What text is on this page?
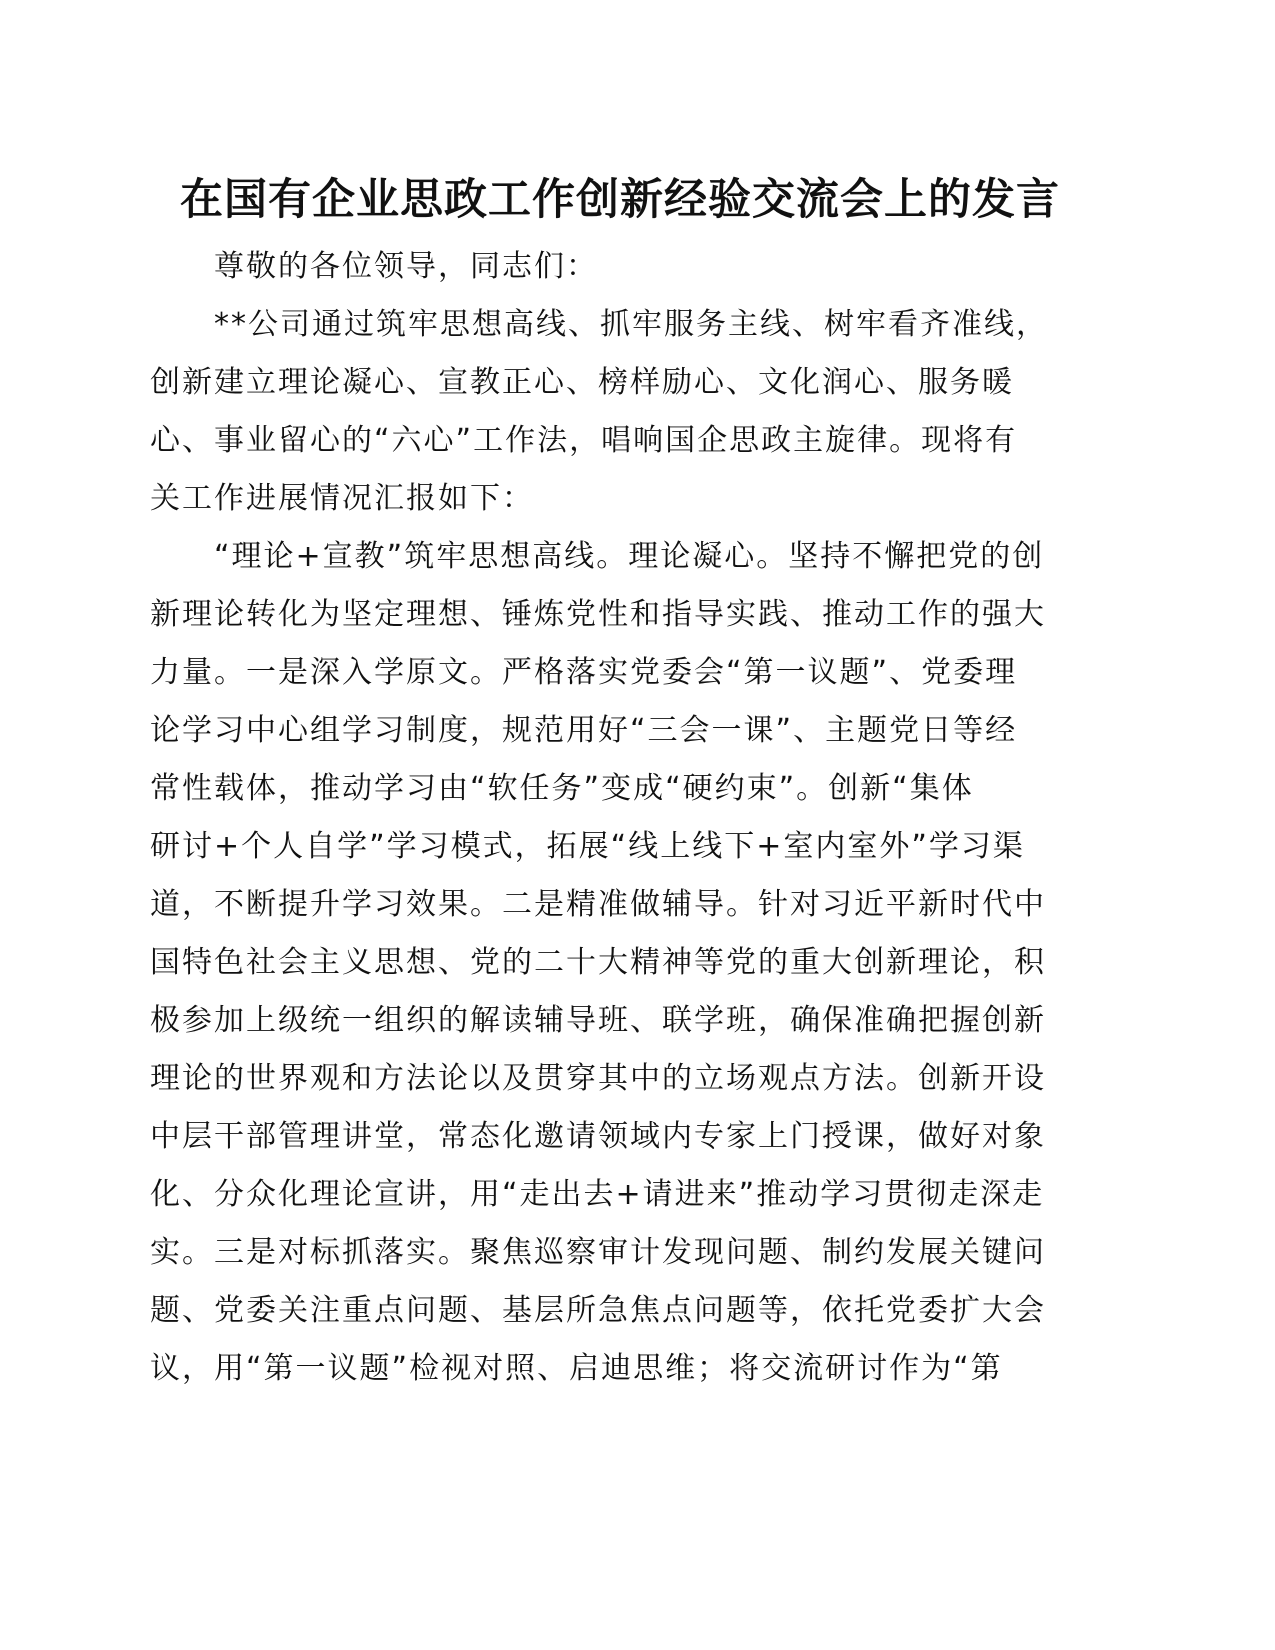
在国有企业思政工作创新经验交流会上的发言
尊敬的各位领导，同志们：
**公司通过筑牢思想高线、抓牢服务主线、树牢看齐准线，
创新建立理论凝心、宣教正心、榜样励心、文化润心、服务暖
心、事业留心的“六心”工作法，唱响国企思政主旋律。现将有
关工作进展情况汇报如下：
“理论+宣教”筑牢思想高线。理论凝心。坚持不懈把党的创
新理论转化为坚定理想、锤炼党性和指导实践、推动工作的强大
力量。一是深入学原文。严格落实党委会“第一议题”、党委理
论学习中心组学习制度，规范用好“三会一课”、主题党日等经
常性载体，推动学习由“软任务”变成“硬约束”。创新“集体
研讨+个人自学”学习模式，拓展“线上线下+室内室外”学习渠
道，不断提升学习效果。二是精准做辅导。针对习近平新时代中
国特色社会主义思想、党的二十大精神等党的重大创新理论，积
极参加上级统一组织的解读辅导班、联学班，确保准确把握创新
理论的世界观和方法论以及贯穿其中的立场观点方法。创新开设
中层干部管理讲堂，常态化邀请领域内专家上门授课，做好对象
化、分众化理论宣讲，用“走出去+请进来”推动学习贯彻走深走
实。三是对标抓落实。聚焦巡察审计发现问题、制约发展关键问
题、党委关注重点问题、基层所急焦点问题等，依托党委扩大会
议，用“第一议题”检视对照、启迪思维；将交流研讨作为“第
